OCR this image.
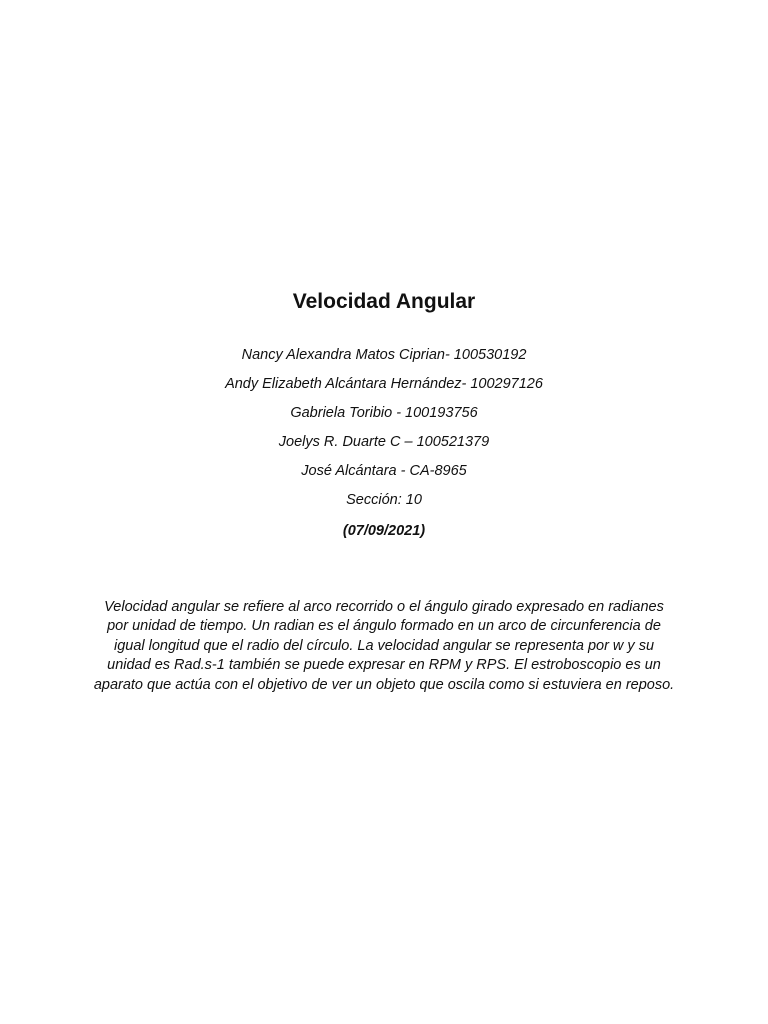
Velocidad Angular
Nancy Alexandra Matos Ciprian- 100530192
Andy Elizabeth Alcántara Hernández- 100297126
Gabriela Toribio - 100193756
Joelys R. Duarte C – 100521379
José Alcántara - CA-8965
Sección: 10
(07/09/2021)

Velocidad angular se refiere al arco recorrido o el ángulo girado expresado en radianes por unidad de tiempo. Un radian es el ángulo formado en un arco de circunferencia de igual longitud que el radio del círculo. La velocidad angular se representa por w y su unidad es Rad.s-1 también se puede expresar en RPM y RPS. El estroboscopio es un aparato que actúa con el objetivo de ver un objeto que oscila como si estuviera en reposo.
